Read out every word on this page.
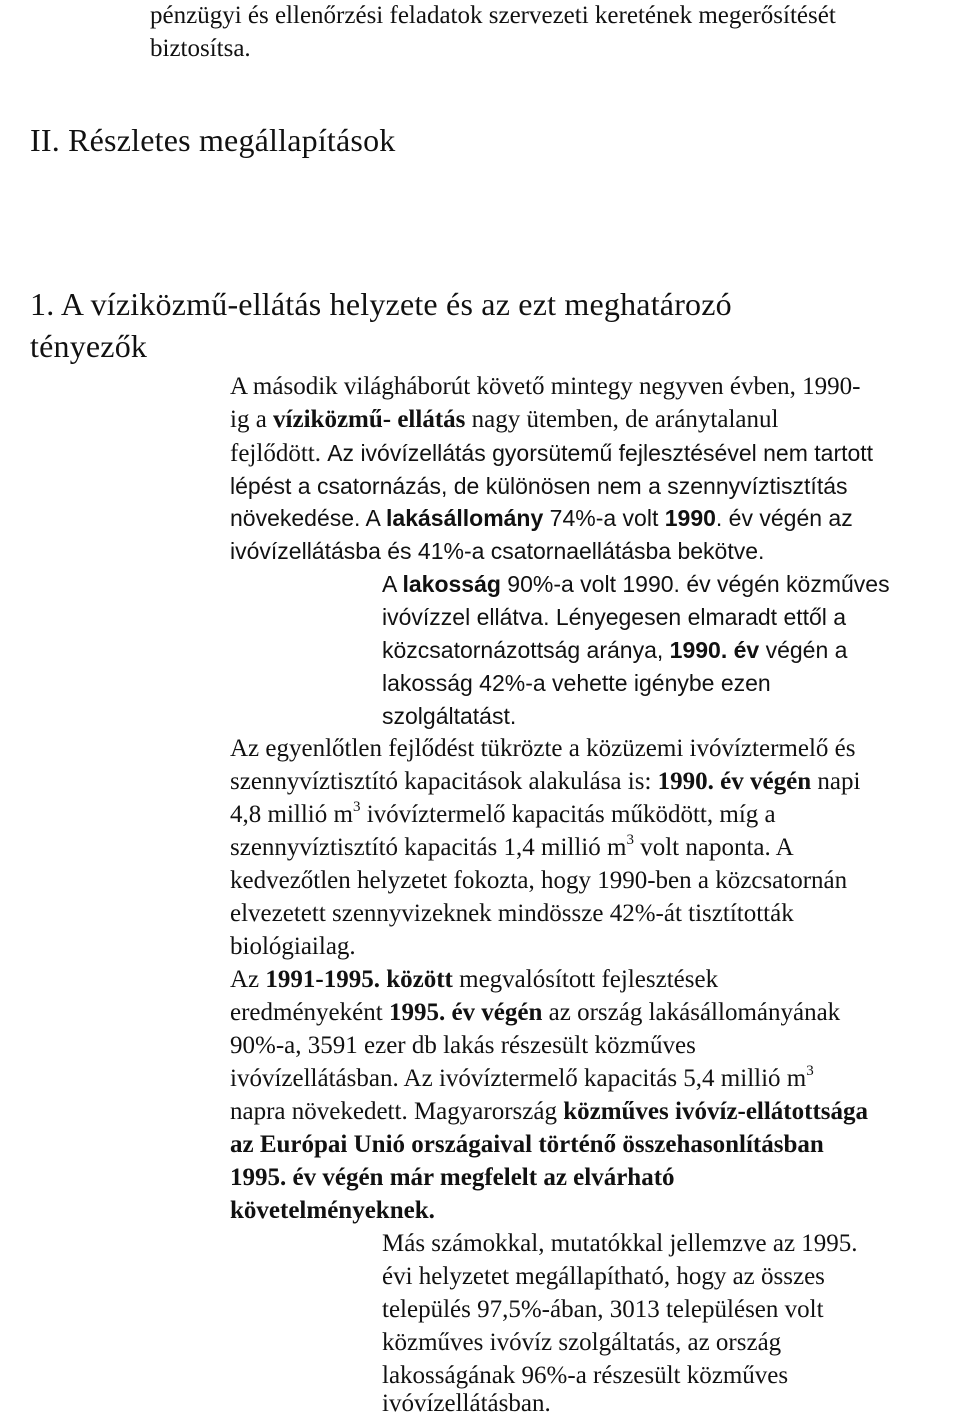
pénzügyi és ellenőrzési feladatok szervezeti keretének megerősítését

biztosítsa.

II. Részletes megállapítások
1. A víziközmű-ellátás helyzete és az ezt meghatározó
tényezők

A második világháborút követő mintegy negyven évben, 1990-

ig a víziközmű- ellátás nagy ütemben, de aránytalanul

fejlődött. Az ivóvízellátás gyorsütemű fejlesztésével nem tartott

lépést a csatornázás, de különösen nem a szennyvíztisztítás

növekedése. A lakásállomány 74%-a volt 1990. év végén az

ivóvízellátásba és 41%-a csatornaellátásba bekötve.

A lakosság 90%-a volt 1990. év végén közműves

ivóvízzel ellátva. Lényegesen elmaradt ettől a

közcsatornázottság aránya, 1990. év végén a

lakosság 42%-a vehette igénybe ezen

szolgáltatást.

Az egyenlőtlen fejlődést tükrözte a közüzemi ivóvíztermelő és

szennyvíztisztító kapacitások alakulása is: 1990. év végén napi

4,8 millió $m^3$ ivóvíztermelő kapacitás működött, míg a

szennyvíztisztító kapacitás 1,4 millió $m^3$ volt naponta. A

kedvezőtlen helyzetet fokozta, hogy 1990-ben a közcsatornán

elvezetett szennyvizeknek mindössze 42%-át tisztították

biológiailag.

Az 1991-1995. között megvalósított fejlesztések

eredményeként 1995. év végén az ország lakásállományának

90%-a, 3591 ezer db lakás részesült közműves

ivóvízellátásban. Az ivóvíztermelő kapacitás 5,4 millió $m^3$

napra növekedett. Magyarország közműves ivóvíz-ellátottsága

az Európai Unió országaival történő összehasonlításban

1995. év végén már megfelelt az elvárható

követelményeknek.

Más számokkal, mutatókkal jellemzve az 1995.

évi helyzetet megállapítható, hogy az összes

település 97,5%-ában, 3013 településen volt

közműves ivóvíz szolgáltatás, az ország

lakosságának 96%-a részesült közműves

ivóvízellátásban.
